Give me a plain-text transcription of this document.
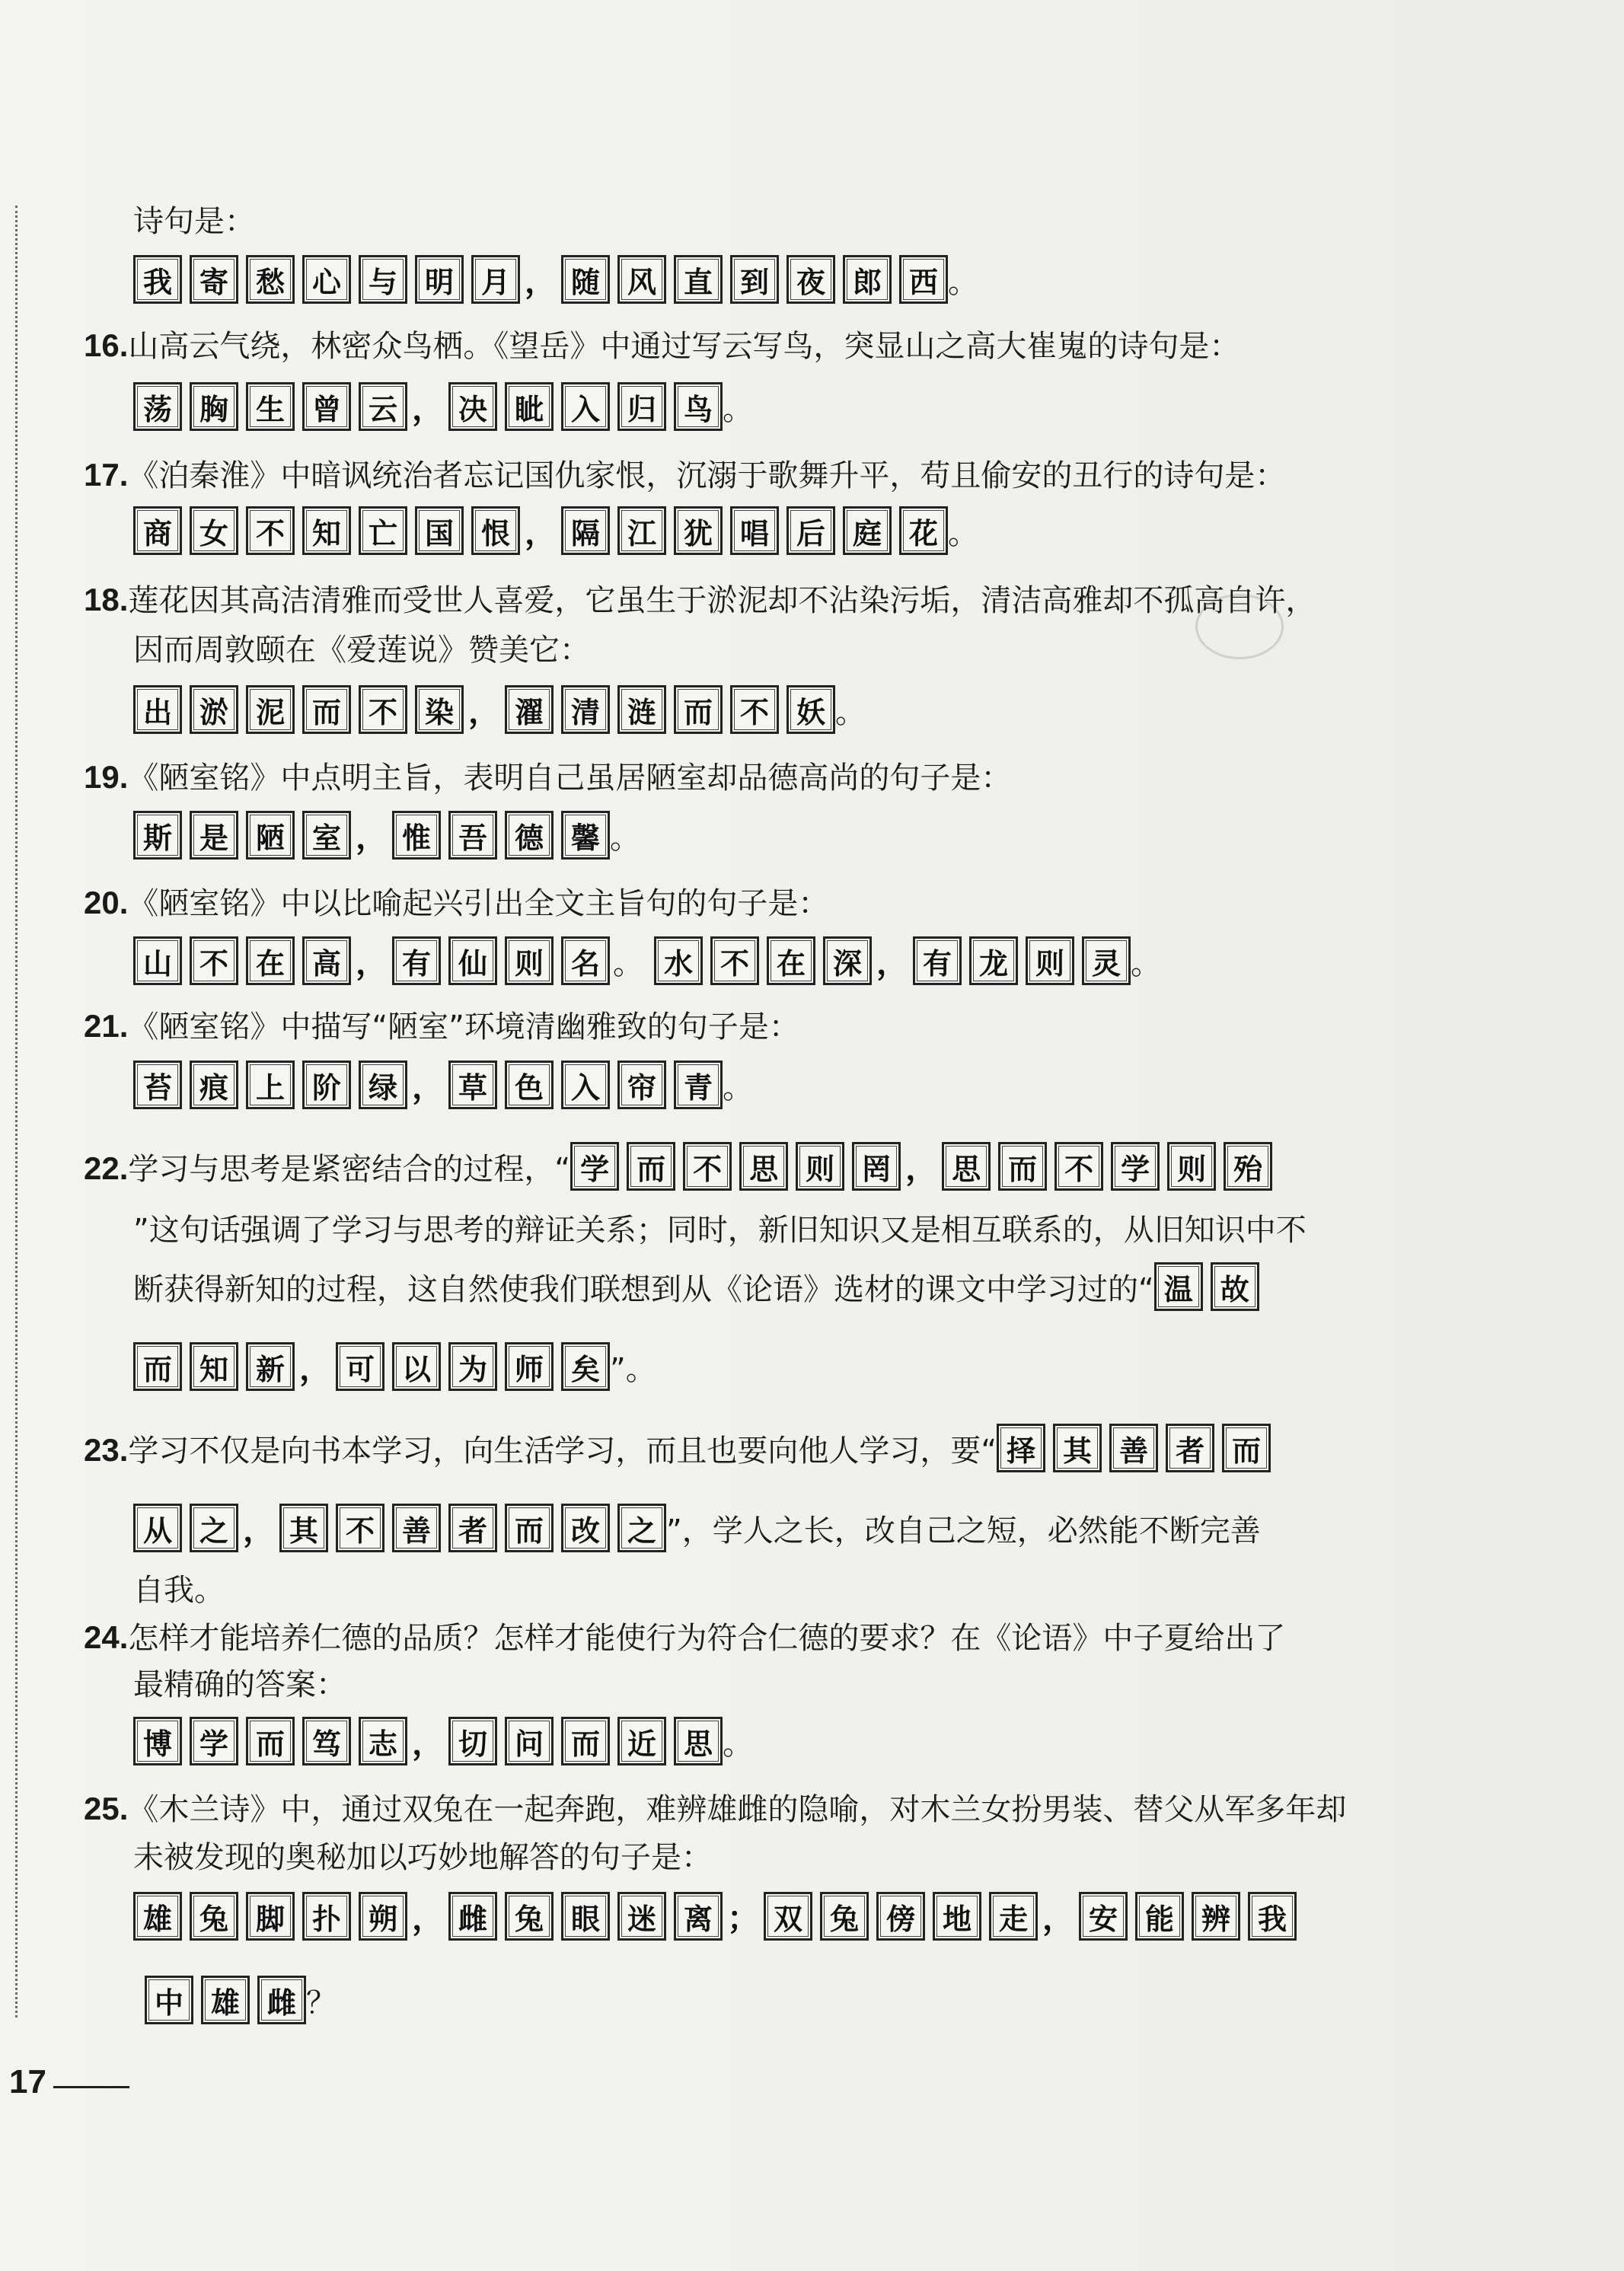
诗句是：
我 寄 愁 心 与 明 月 ， 随 风 直 到 夜 郎 西 。
16.山高云气绕，林密众鸟栖。《望岳》中通过写云写鸟，突显山之高大崔嵬的诗句是：
荡 胸 生 曾 云 ， 决 眦 入 归 鸟 。
17.《泊秦淮》中暗讽统治者忘记国仇家恨，沉溺于歌舞升平，苟且偷安的丑行的诗句是：
商 女 不 知 亡 国 恨 ， 隔 江 犹 唱 后 庭 花 。
18.莲花因其高洁清雅而受世人喜爱，它虽生于淤泥却不沾染污垢，清洁高雅却不孤高自许，
因而周敦颐在《爱莲说》赞美它：
出 淤 泥 而 不 染 ， 濯 清 涟 而 不 妖 。
19.《陋室铭》中点明主旨，表明自己虽居陋室却品德高尚的句子是：
斯 是 陋 室 ， 惟 吾 德 馨 。
20.《陋室铭》中以比喻起兴引出全文主旨句的句子是：
山 不 在 高 ， 有 仙 则 名 。 水 不 在 深 ， 有 龙 则 灵 。
21.《陋室铭》中描写“陋室”环境清幽雅致的句子是：
苔 痕 上 阶 绿 ， 草 色 入 帘 青 。
22.学习与思考是紧密结合的过程，“ 学 而 不 思 则 罔 ， 思 而 不 学 则 殆
”这句话强调了学习与思考的辩证关系；同时，新旧知识又是相互联系的，从旧知识中不
断获得新知的过程，这自然使我们联想到从《论语》选材的课文中学习过的“ 温 故
而 知 新 ， 可 以 为 师 矣 ”。
23.学习不仅是向书本学习，向生活学习，而且也要向他人学习，要“ 择 其 善 者 而
从 之 ， 其 不 善 者 而 改 之 ”，学人之长，改自己之短，必然能不断完善
自我。
24.怎样才能培养仁德的品质？怎样才能使行为符合仁德的要求？在《论语》中子夏给出了
最精确的答案：
博 学 而 笃 志 ， 切 问 而 近 思 。
25.《木兰诗》中，通过双兔在一起奔跑，难辨雄雌的隐喻，对木兰女扮男装、替父从军多年却
未被发现的奥秘加以巧妙地解答的句子是：
雄 兔 脚 扑 朔 ， 雌 兔 眼 迷 离 ； 双 兔 傍 地 走 ， 安 能 辨 我
中 雄 雌 ？
17
